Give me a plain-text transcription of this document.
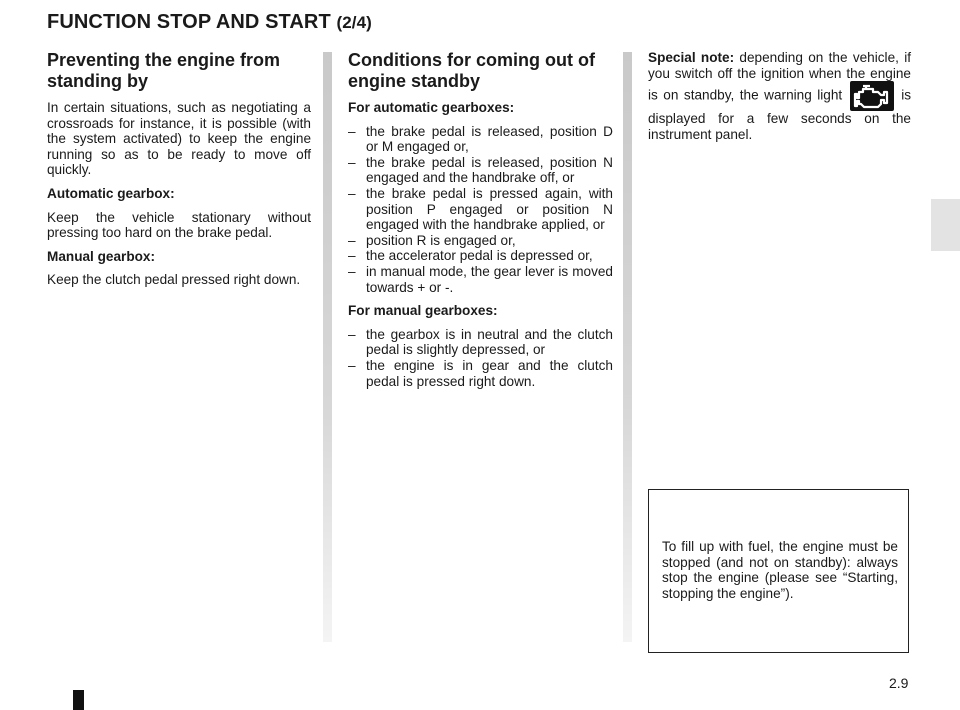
FUNCTION STOP AND START (2/4)
Preventing the engine from standing by

In certain situations, such as negotiating a crossroads for instance, it is possible (with the system activated) to keep the engine running so as to be ready to move off quickly.

Automatic gearbox:

Keep the vehicle stationary without pressing too hard on the brake pedal.

Manual gearbox:

Keep the clutch pedal pressed right down.

Conditions for coming out of engine standby
For automatic gearboxes:
– the brake pedal is released, position D or M engaged or,
– the brake pedal is released, position N engaged and the handbrake off, or
– the brake pedal is pressed again, with position P engaged or position N engaged with the handbrake applied, or
– position R is engaged or,
– the accelerator pedal is depressed or,
– in manual mode, the gear lever is moved towards + or -.
For manual gearboxes:
– the gearbox is in neutral and the clutch pedal is slightly depressed, or
– the engine is in gear and the clutch pedal is pressed right down.

Special note: depending on the vehicle, if you switch off the ignition when the engine is on standby, the warning light	is displayed for a few seconds on the instrument panel.

To fill up with fuel, the engine must be stopped (and not on standby): always stop the engine (please see “Starting, stopping the engine”).
2.9
